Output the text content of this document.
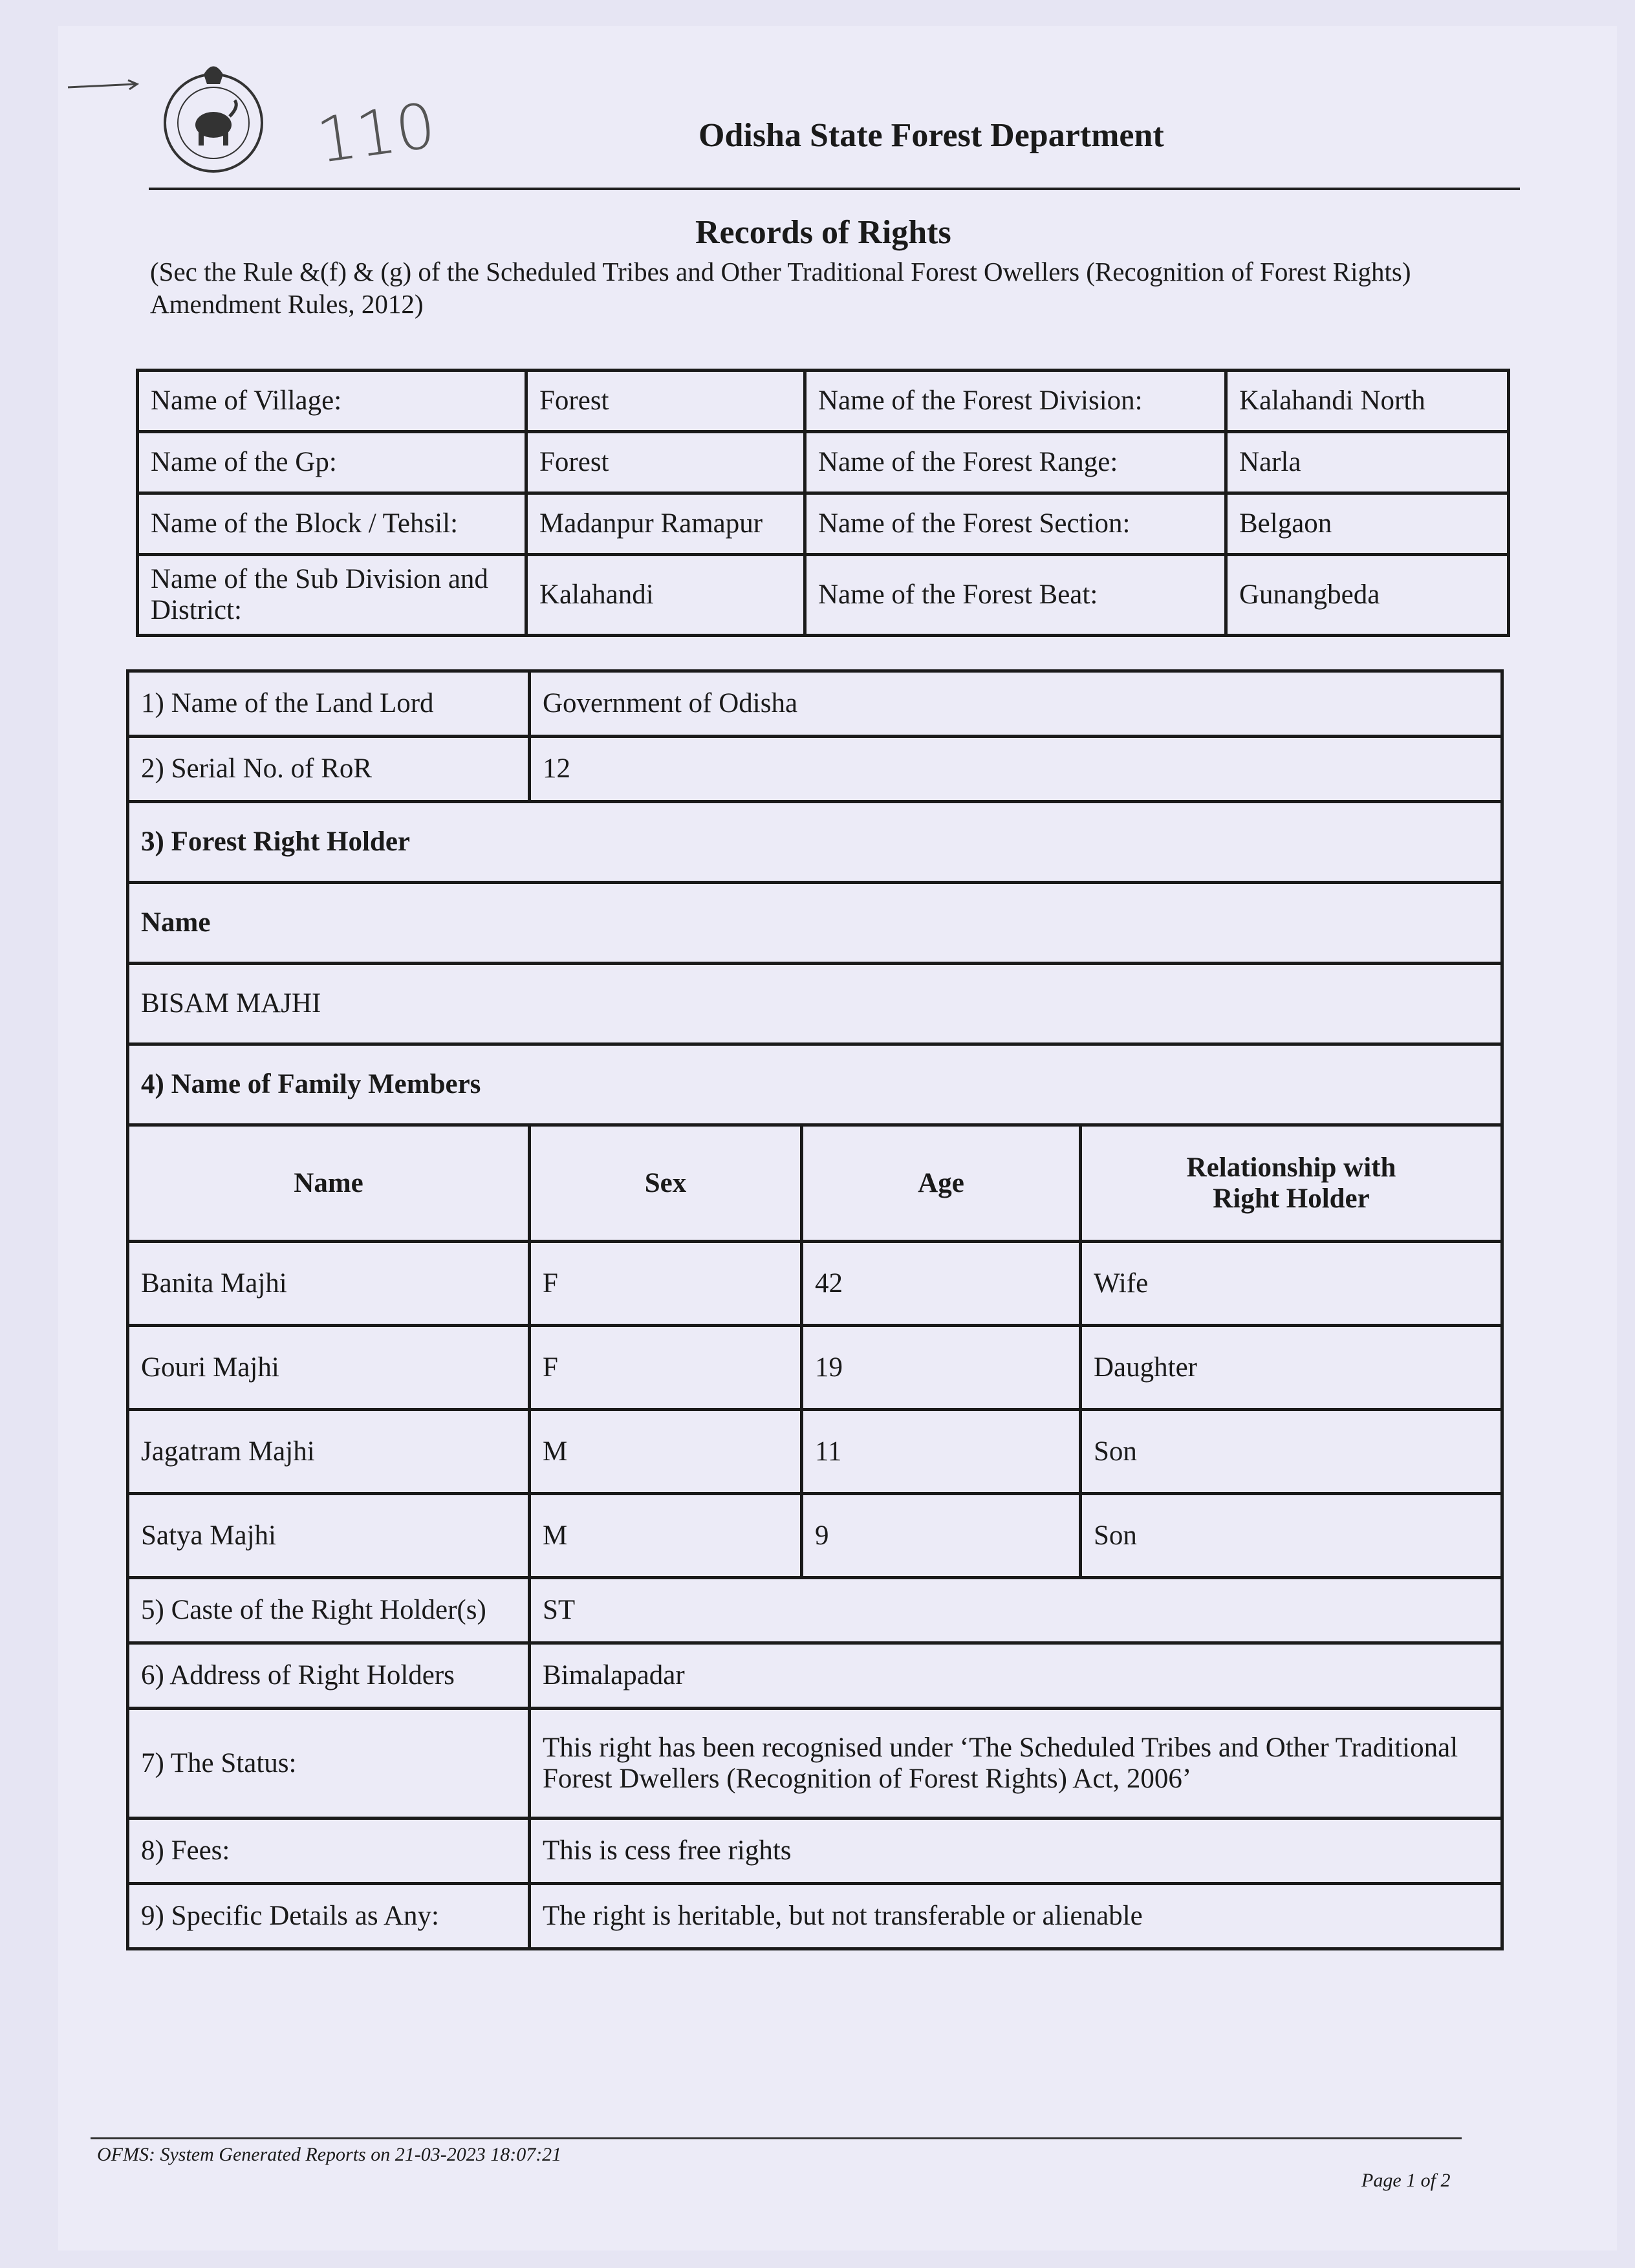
110	Odisha State Forest Department
Records of Rights
(Sec the Rule &(f) & (g) of the Scheduled Tribes and Other Traditional Forest Owellers (Recognition of Forest Rights) Amendment Rules, 2012)
Name of Village:	Forest	Name of the Forest Division:	Kalahandi North
Name of the Gp:	Forest	Name of the Forest Range:	Narla
Name of the Block / Tehsil:	Madanpur Ramapur	Name of the Forest Section:	Belgaon
Name of the Sub Division and District:	Kalahandi	Name of the Forest Beat:	Gunangbeda
1) Name of the Land Lord	Government of Odisha		
2) Serial No. of RoR	12		
3) Forest Right Holder			
Name			
BISAM MAJHI			
4) Name of Family Members			
Name	Sex	Age	Relationship with Right Holder
Banita Majhi	F	42	Wife
Gouri Majhi	F	19	Daughter
Jagatram Majhi	M	11	Son
Satya Majhi	M	9	Son
5) Caste of the Right Holder(s)	ST		
6) Address of Right Holders	Bimalapadar		
7) The Status:	This right has been recognised under ‘The Scheduled Tribes and Other Traditional Forest Dwellers (Recognition of Forest Rights) Act, 2006’		
8) Fees:	This is cess free rights		
9) Specific Details as Any:	The right is heritable, but not transferable or alienable		
OFMS: System Generated Reports on 21-03-2023 18:07:21
Page 1 of 2
